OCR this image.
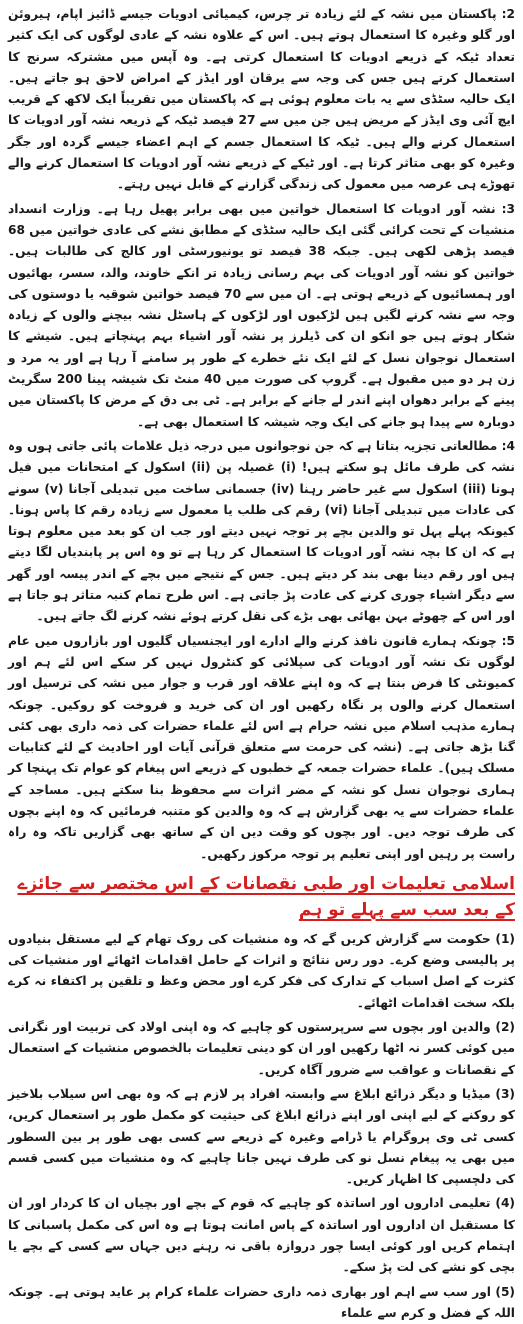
2: پاکستان میں نشہ کے لئے زیادہ تر چرس، کیمیائی ادویات جیسے ڈائیز اپام، ہیروئن اور گلو وغیرہ کا استعمال ہوتے ہیں۔ اس کے علاوہ نشہ کے عادی لوگوں کی ایک کثیر تعداد ٹیکہ کے ذریعے ادویات کا استعمال کرتی ہے۔ وہ آپس میں مشترکہ سرنج کا استعمال کرتے ہیں جس کی وجہ سے یرقان اور ایڈز کے امراض لاحق ہو جاتے ہیں۔ ایک حالیہ سٹڈی سے یہ بات معلوم ہوئی ہے کہ پاکستان میں تقریباً ایک لاکھ کے قریب ایچ آئی وی ایڈز کے مریض ہیں جن میں سے 27 فیصد ٹیکہ کے ذریعہ نشہ آور ادویات کا استعمال کرنے والے ہیں۔ ٹیکہ کا استعمال جسم کے اہم اعضاء جیسے گردہ اور جگر وغیرہ کو بھی متاثر کرتا ہے۔ اور ٹیکے کے ذریعے نشہ آور ادویات کا استعمال کرنے والے تھوڑے ہی عرصہ میں معمول کی زندگی گزارنے کے قابل نہیں رہتے۔

3: نشہ آور ادویات کا استعمال خواتین میں بھی برابر پھیل رہا ہے۔ وزارت انسداد منشیات کے تحت کرائی گئی ایک حالیہ سٹڈی کے مطابق نشے کی عادی خواتین میں 68 فیصد پڑھی لکھی ہیں۔ جبکہ 38 فیصد تو یونیورسٹی اور کالج کی طالبات ہیں۔ خواتین کو نشہ آور ادویات کی بہم رسانی زیادہ تر انکے خاوند، والد، سسر، بھائیوں اور ہمسائیوں کے ذریعے ہوتی ہے۔ ان میں سے 70 فیصد خواتین شوقیہ یا دوستوں کی وجہ سے نشہ کرنے لگیں ہیں لڑکیوں اور لڑکوں کے ہاسٹل نشہ بیچنے والوں کے زیادہ شکار ہوتے ہیں جو انکو ان کی ڈیلرز پر نشہ آور اشیاء بہم پہنچاتے ہیں۔ شیشے کا استعمال نوجوان نسل کے لئے ایک نئے خطرے کے طور پر سامنے آ رہا ہے اور یہ مرد و زن ہر دو میں مقبول ہے۔ گروپ کی صورت میں 40 منٹ تک شیشہ پینا 200 سگریٹ پینے کے برابر دھواں اپنے اندر لے جانے کے برابر ہے۔ ٹی بی دق کے مرض کا پاکستان میں دوبارہ سے پیدا ہو جانے کی ایک وجہ شیشہ کا استعمال بھی ہے۔

4: مطالعاتی تجزیہ بتاتا ہے کہ جن نوجوانوں میں درجہ ذیل علامات پائی جاتی ہوں وہ نشہ کی طرف مائل ہو سکتے ہیں! (i) غصیلہ پن (ii) اسکول کے امتحانات میں فیل ہونا (iii) اسکول سے غیر حاضر رہنا (iv) جسمانی ساخت میں تبدیلی آجانا (v) سونے کی عادات میں تبدیلی آجانا (vi) رقم کی طلب یا معمول سے زیادہ رقم کا پاس ہونا۔ کیونکہ پہلے پہل تو والدین بچے پر توجہ نہیں دیتے اور جب ان کو بعد میں معلوم ہوتا ہے کہ ان کا بچہ نشہ آور ادویات کا استعمال کر رہا ہے تو وہ اس پر پابندیاں لگا دیتے ہیں اور رقم دینا بھی بند کر دیتے ہیں۔ جس کے نتیجے میں بچے کے اندر پیسہ اور گھر سے دیگر اشیاء چوری کرنے کی عادت پڑ جاتی ہے۔ اس طرح تمام کنبہ متاثر ہو جاتا ہے اور اس کے چھوٹے بہن بھائی بھی بڑے کی نقل کرتے ہوئے نشہ کرنے لگ جاتے ہیں۔

5: چونکہ ہمارے قانون نافذ کرنے والے ادارے اور ایجنسیاں گلیوں اور بازاروں میں عام لوگوں تک نشہ آور ادویات کی سپلائی کو کنٹرول نہیں کر سکے اس لئے ہم اور کمیونٹی کا فرض بنتا ہے کہ وہ اپنے علاقہ اور قرب و جوار میں نشہ کی ترسیل اور استعمال کرنے والوں پر نگاہ رکھیں اور ان کی خرید و فروخت کو روکیں۔ چونکہ ہمارے مذہب اسلام میں نشہ حرام ہے اس لئے علماء حضرات کی ذمہ داری بھی کئی گنا بڑھ جاتی ہے۔ (نشہ کی حرمت سے متعلق قرآنی آیات اور احادیث کے لئے کتابیات مسلک ہیں)۔ علماء حضرات جمعہ کے خطبوں کے ذریعے اس پیغام کو عوام تک پہنچا کر ہماری نوجوان نسل کو نشہ کے مضر اثرات سے محفوظ بنا سکتے ہیں۔ مساجد کے علماء حضرات سے یہ بھی گزارش ہے کہ وہ والدین کو متنبہ فرمائیں کہ وہ اپنے بچوں کی طرف توجہ دیں۔ اور بچوں کو وقت دیں ان کے ساتھ بھی گزاریں تاکہ وہ راہ راست پر رہیں اور اپنی تعلیم پر توجہ مرکوز رکھیں۔

اسلامی تعلیمات اور طبی نقصانات کے اس مختصر سے جائزے کے بعد سب سے پہلے تو ہم

(1) حکومت سے گزارش کریں گے کہ وہ منشیات کی روک تھام کے لیے مستقل بنیادوں پر پالیسی وضع کرے۔ دور رس نتائج و اثرات کے حامل اقدامات اٹھائے اور منشیات کی کثرت کے اصل اسباب کے تدارک کی فکر کرے اور محض وعظ و تلقین پر اکتفاء نہ کرے بلکہ سخت اقدامات اٹھائے۔

(2) والدین اور بچوں سے سرپرستوں کو چاہیے کہ وہ اپنی اولاد کی تربیت اور نگرانی میں کوئی کسر نہ اٹھا رکھیں اور ان کو دینی تعلیمات بالخصوص منشیات کے استعمال کے نقصانات و عواقب سے ضرور آگاہ کریں۔

(3) میڈیا و دیگر ذرائع ابلاغ سے وابستہ افراد پر لازم ہے کہ وہ بھی اس سیلاب بلاخیز کو روکنے کے لیے اپنی اور اپنے ذرائع ابلاغ کی حیثیت کو مکمل طور پر استعمال کریں، کسی ٹی وی پروگرام یا ڈرامے وغیرہ کے ذریعے سے کسی بھی طور پر بین السطور میں بھی یہ پیغام نسل نو کی طرف نہیں جانا چاہیے کہ وہ منشیات میں کسی قسم کی دلچسپی کا اظہار کریں۔

(4) تعلیمی اداروں اور اساتذہ کو چاہیے کہ قوم کے بچے اور بچیاں ان کا کردار اور ان کا مستقبل ان اداروں اور اساتذہ کے پاس امانت ہوتا ہے وہ اس کی مکمل پاسبانی کا اہتمام کریں اور کوئی ایسا چور دروازہ باقی نہ رہنے دیں جہاں سے کسی کے بچے یا بچی کو نشے کی لت پڑ سکے۔

(5) اور سب سے اہم اور بھاری ذمہ داری حضرات علماء کرام پر عاید ہوتی ہے۔ چونکہ اللہ کے فضل و کرم سے علماء
